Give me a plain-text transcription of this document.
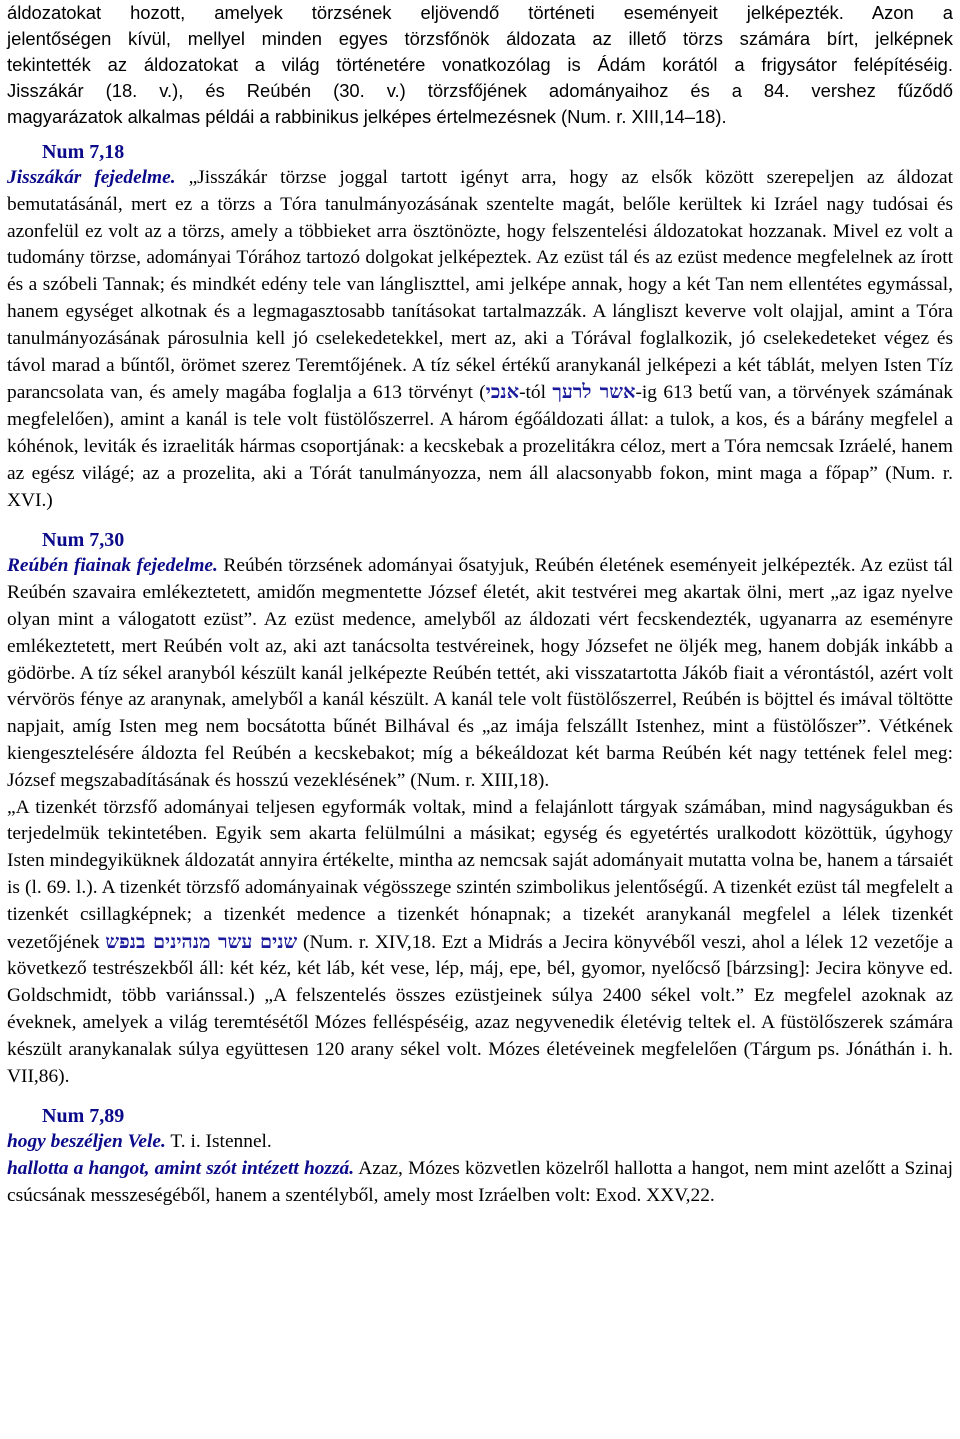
áldozatokat hozott, amelyek törzsének eljövendő történeti eseményeit jelképezték. Azon a
jelentőségen kívül, mellyel minden egyes törzsfőnök áldozata az illető törzs számára bírt, jelképnek
tekintették az áldozatokat a világ történetére vonatkozólag is Ádám korától a frigysátor felépítéséig.
Jisszákár (18. v.), és Reúbén (30. v.) törzsfőjének adományaihoz és a 84. vershez fűződő
magyarázatok alkalmas példái a rabbinikus jelképes értelmezésnek (Num. r. XIII,14–18).
Num 7,18

Jisszákár fejedelme. „Jisszákár törzse joggal tartott igényt arra, hogy az elsők között szerepeljen az áldozat bemutatásánál, mert ez a törzs a Tóra tanulmányozásának szentelte magát, belőle kerültek ki Izráel nagy tudósai és azonfelül ez volt az a törzs, amely a többieket arra ösztönözte, hogy felszentelési áldozatokat hozzanak. Mivel ez volt a tudomány törzse, adományai Tórához tartozó dolgokat jelképeztek. Az ezüst tál és az ezüst medence megfelelnek az írott és a szóbeli Tannak; és mindkét edény tele van lángliszttel, ami jelképe annak, hogy a két Tan nem ellentétes egymással, hanem egységet alkotnak és a legmagasztosabb tanításokat tartalmazzák. A lángliszt keverve volt olajjal, amint a Tóra tanulmányozásának párosulnia kell jó cselekedetekkel, mert az, aki a Tórával foglalkozik, jó cselekedeteket végez és távol marad a bűntől, örömet szerez Teremtőjének. A tíz sékel értékű aranykanál jelképezi a két táblát, melyen Isten Tíz parancsolata van, és amely magába foglalja a 613 törvényt (אנכי-tól אשר לרעך-ig 613 betű van, a törvények számának megfelelően), amint a kanál is tele volt füstölőszerrel. A három égőáldozati állat: a tulok, a kos, és a bárány megfelel a kóhénok, leviták és izraeliták hármas csoportjának: a kecskebak a prozelitákra céloz, mert a Tóra nemcsak Izráelé, hanem az egész világé; az a prozelita, aki a Tórát tanulmányozza, nem áll alacsonyabb fokon, mint maga a főpap” (Num. r. XVI.)

Num 7,30

Reúbén fiainak fejedelme. Reúbén törzsének adományai ősatyjuk, Reúbén életének eseményeit jelképezték. Az ezüst tál Reúbén szavaira emlékeztetett, amidőn megmentette József életét, akit testvérei meg akartak ölni, mert „az igaz nyelve olyan mint a válogatott ezüst”. Az ezüst medence, amelyből az áldozati vért fecskendezték, ugyanarra az eseményre emlékeztetett, mert Reúbén volt az, aki azt tanácsolta testvéreinek, hogy Józsefet ne öljék meg, hanem dobják inkább a gödörbe. A tíz sékel aranyból készült kanál jelképezte Reúbén tettét, aki visszatartotta Jákób fiait a vérontástól, azért volt vérvörös fénye az aranynak, amelyből a kanál készült. A kanál tele volt füstölőszerrel, Reúbén is böjttel és imával töltötte napjait, amíg Isten meg nem bocsátotta bűnét Bilhával és „az imája felszállt Istenhez, mint a füstölőszer”. Vétkének kiengesztelésére áldozta fel Reúbén a kecskebakot; míg a békeáldozat két barma Reúbén két nagy tettének felel meg: József megszabadításának és hosszú vezeklésének” (Num. r. XIII,18).

„A tizenkét törzsfő adományai teljesen egyformák voltak, mind a felajánlott tárgyak számában, mind nagyságukban és terjedelmük tekintetében. Egyik sem akarta felülmúlni a másikat; egység és egyetértés uralkodott közöttük, úgyhogy Isten mindegyiküknek áldozatát annyira értékelte, mintha az nemcsak saját adományait mutatta volna be, hanem a társaiét is (l. 69. l.). A tizenkét törzsfő adományainak végösszege szintén szimbolikus jelentőségű. A tizenkét ezüst tál megfelelt a tizenkét csillagképnek; a tizenkét medence a tizenkét hónapnak; a tizekét aranykanál megfelel a lélek tizenkét vezetőjének שנים עשר מנהינים בנפש (Num. r. XIV,18. Ezt a Midrás a Jecira könyvéből veszi, ahol a lélek 12 vezetője a következő testrészekből áll: két kéz, két láb, két vese, lép, máj, epe, bél, gyomor, nyelőcső [bárzsing]: Jecira könyve ed. Goldschmidt, több variánssal.) „A felszentelés összes ezüstjeinek súlya 2400 sékel volt.” Ez megfelel azoknak az éveknek, amelyek a világ teremtésétől Mózes felléspéséig, azaz negyvenedik életévig teltek el. A füstölőszerek számára készült aranykanalak súlya együttesen 120 arany sékel volt. Mózes életéveinek megfelelően (Tárgum ps. Jónáthán i. h. VII,86).

Num 7,89

hogy beszéljen Vele. T. i. Istennel.

hallotta a hangot, amint szót intézett hozzá. Azaz, Mózes közvetlen közelről hallotta a hangot, nem mint azelőtt a Szinaj csúcsának messzeségéből, hanem a szentélyből, amely most Izráelben volt: Exod. XXV,22.
